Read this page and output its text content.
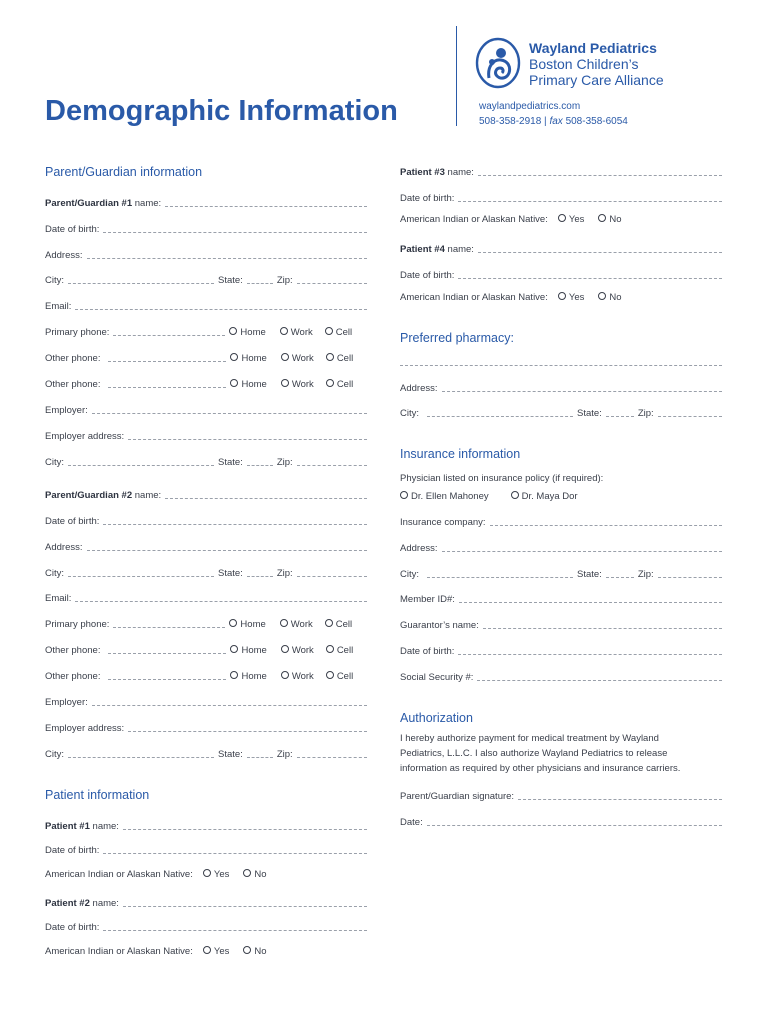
Demographic Information
Wayland Pediatrics
Boston Children’s
Primary Care Alliance
waylandpediatrics.com
508-358-2918 | fax 508-358-6054
Parent/Guardian information
Parent/Guardian #1 name:
Date of birth:
Address:
City:	State:	Zip:
Email:
Primary phone:	Home	Work	Cell
Other phone:	Home	Work	Cell
Other phone:	Home	Work	Cell
Employer:
Employer address:
City:	State:	Zip:
Parent/Guardian #2 name:
Date of birth:
Address:
City:	State:	Zip:
Email:
Primary phone:	Home	Work	Cell
Other phone:	Home	Work	Cell
Other phone:	Home	Work	Cell
Employer:
Employer address:
City:	State:	Zip:
Patient information
Patient #1 name:
Date of birth:
American Indian or Alaskan Native:	Yes	No
Patient #2 name:
Date of birth:
American Indian or Alaskan Native:	Yes	No
Patient #3 name:
Date of birth:
American Indian or Alaskan Native:	Yes	No
Patient #4 name:
Date of birth:
American Indian or Alaskan Native:	Yes	No
Preferred pharmacy:
Address:
City:	State:	Zip:
Insurance information
Physician listed on insurance policy (if required):
Dr. Ellen Mahoney	Dr. Maya Dor
Insurance company:
Address:
City:	State:	Zip:
Member ID#:
Guarantor’s name:
Date of birth:
Social Security #:
Authorization
I hereby authorize payment for medical treatment by Wayland
Pediatrics, L.L.C. I also authorize Wayland Pediatrics to release
information as required by other physicians and insurance carriers.
Parent/Guardian signature:
Date:
